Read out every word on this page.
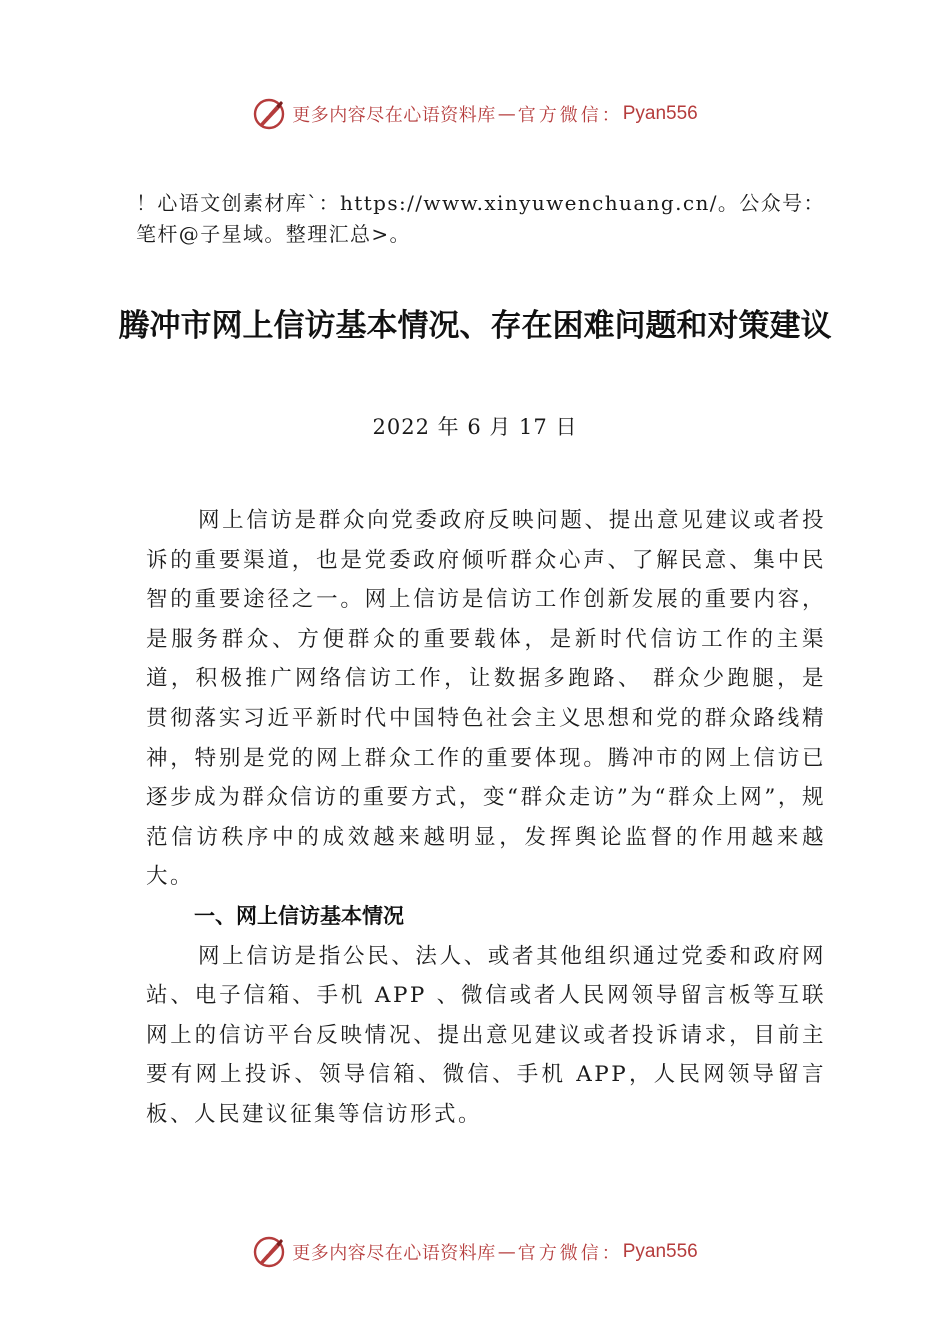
更多内容尽在心语资料库 — 官方微信： Pyan556
！心语文创素材库`：https://www.xinyuwenchuang.cn/。公众号：笔杆@子星域。整理汇总>。
腾冲市网上信访基本情况、存在困难问题和对策建议
2022 年 6 月 17 日

网上信访是群众向党委政府反映问题、提出意见建议或者投诉的重要渠道，也是党委政府倾听群众心声、了解民意、集中民智的重要途径之一。网上信访是信访工作创新发展的重要内容，是服务群众、方便群众的重要载体，是新时代信访工作的主渠道，积极推广网络信访工作，让数据多跑路、 群众少跑腿，是贯彻落实习近平新时代中国特色社会主义思想和党的群众路线精神，特别是党的网上群众工作的重要体现。腾冲市的网上信访已逐步成为群众信访的重要方式，变“群众走访”为“群众上网”，规范信访秩序中的成效越来越明显，发挥舆论监督的作用越来越大。

一、网上信访基本情况

网上信访是指公民、法人、或者其他组织通过党委和政府网站、电子信箱、手机 APP 、微信或者人民网领导留言板等互联网上的信访平台反映情况、提出意见建议或者投诉请求，目前主要有网上投诉、领导信箱、微信、手机 APP，人民网领导留言板、人民建议征集等信访形式。

更多内容尽在心语资料库 — 官方微信： Pyan556
